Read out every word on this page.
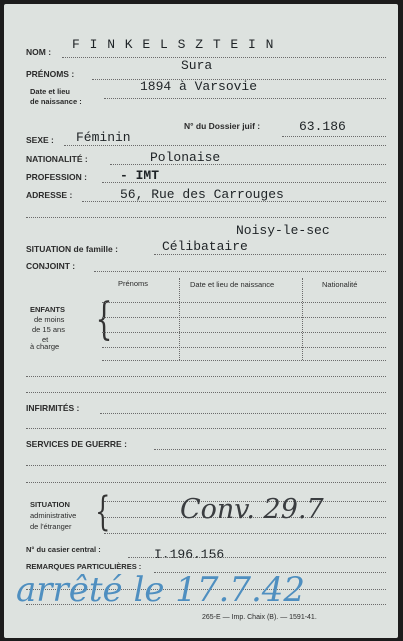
NOM : F I N K E L S Z T E I N
Sura
PRÉNOMS :
Date et lieu
de naissance :
1894 à Varsovie
N° du Dossier juif :	63.186
SEXE : Féminin
NATIONALITÉ :	Polonaise
PROFESSION :	- IMT
ADRESSE :	56, Rue des Carrouges
Noisy-le-sec
SITUATION de famille :	Célibataire
CONJOINT :
Prénoms	Date et lieu de naissance	Nationalité
ENFANTS
de moins
de 15 ans
et
à charge
{
INFIRMITÉS :
SERVICES DE GUERRE :
SITUATION
administrative
de l'étranger {	Conv. 29.7
N° du casier central :	I.196.156
REMARQUES PARTICULIÈRES :
arrêté le 17.7.42
265-E — Imp. Chaix (B). — 1591-41.
